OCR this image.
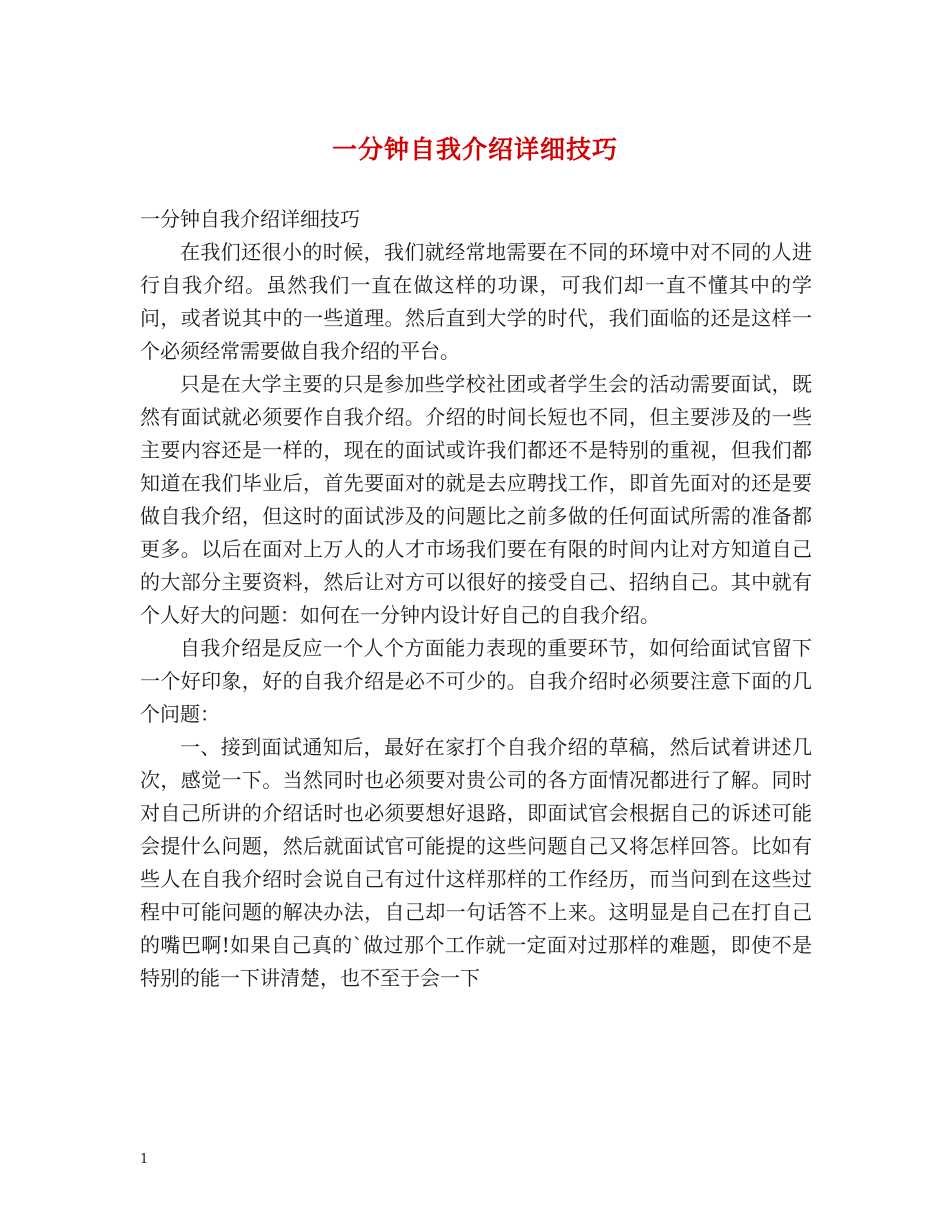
一分钟自我介绍详细技巧

一分钟自我介绍详细技巧

在我们还很小的时候，我们就经常地需要在不同的环境中对不同的人进行自我介绍。虽然我们一直在做这样的功课，可我们却一直不懂其中的学问，或者说其中的一些道理。然后直到大学的时代，我们面临的还是这样一个必须经常需要做自我介绍的平台。

只是在大学主要的只是参加些学校社团或者学生会的活动需要面试，既然有面试就必须要作自我介绍。介绍的时间长短也不同，但主要涉及的一些主要内容还是一样的，现在的面试或许我们都还不是特别的重视，但我们都知道在我们毕业后，首先要面对的就是去应聘找工作，即首先面对的还是要做自我介绍，但这时的面试涉及的问题比之前多做的任何面试所需的准备都更多。以后在面对上万人的人才市场我们要在有限的时间内让对方知道自己的大部分主要资料，然后让对方可以很好的接受自己、招纳自己。其中就有个人好大的问题：如何在一分钟内设计好自己的自我介绍。

自我介绍是反应一个人个方面能力表现的重要环节，如何给面试官留下一个好印象，好的自我介绍是必不可少的。自我介绍时必须要注意下面的几个问题：

一、接到面试通知后，最好在家打个自我介绍的草稿，然后试着讲述几次，感觉一下。当然同时也必须要对贵公司的各方面情况都进行了解。同时对自己所讲的介绍话时也必须要想好退路，即面试官会根据自己的诉述可能会提什么问题，然后就面试官可能提的这些问题自己又将怎样回答。比如有些人在自我介绍时会说自己有过什这样那样的工作经历，而当问到在这些过程中可能问题的解决办法，自己却一句话答不上来。这明显是自己在打自己的嘴巴啊!如果自己真的`做过那个工作就一定面对过那样的难题，即使不是特别的能一下讲清楚，也不至于会一下

1
